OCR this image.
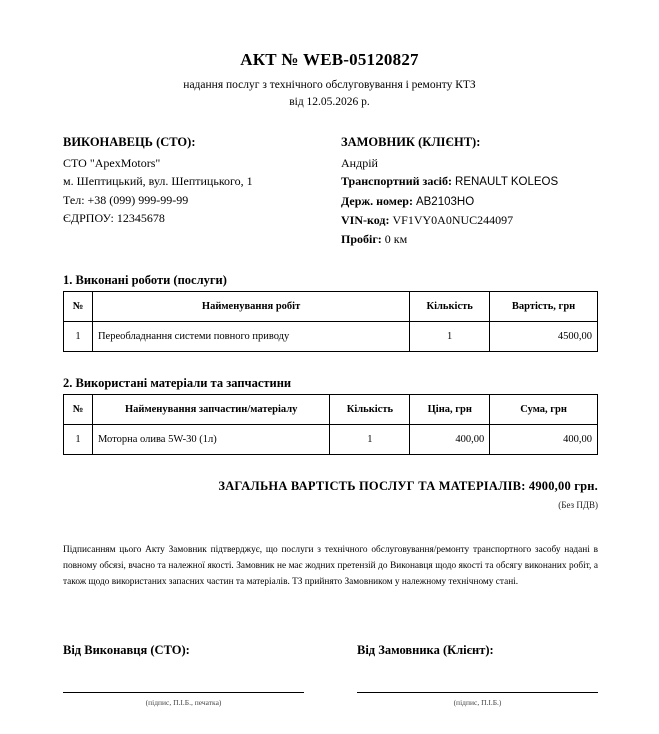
АКТ № WEB-05120827
надання послуг з технічного обслуговування і ремонту КТЗ
від 12.05.2026 р.
ВИКОНАВЕЦЬ (СТО):
СТО "ApexMotors"
м. Шептицький, вул. Шептицького, 1
Тел: +38 (099) 999-99-99
ЄДРПОУ: 12345678
ЗАМОВНИК (КЛІЄНТ):
Андрій
Транспортний засіб: RENAULT KOLEOS
Держ. номер: AB2103HO
VIN-код: VF1VY0A0NUC244097
Пробіг: 0 км
1. Виконані роботи (послуги)
№	Найменування робіт	Кількість	Вартість, грн
1	Переобладнання системи повного приводу	1	4500,00
2. Використані матеріали та запчастини
№	Найменування запчастин/матеріалу	Кількість	Ціна, грн	Сума, грн
1	Моторна олива 5W-30 (1л)	1	400,00	400,00
ЗАГАЛЬНА ВАРТІСТЬ ПОСЛУГ ТА МАТЕРІАЛІВ: 4900,00 грн.
(Без ПДВ)
Підписанням цього Акту Замовник підтверджує, що послуги з технічного обслуговування/ремонту транспортного засобу надані в повному обсязі, вчасно та належної якості. Замовник не має жодних претензій до Виконавця щодо якості та обсягу виконаних робіт, а також щодо використаних запасних частин та матеріалів. ТЗ прийнято Замовником у належному технічному стані.
Від Виконавця (СТО):	Від Замовника (Клієнт):
(підпис, П.І.Б., печатка)	(підпис, П.І.Б.)
